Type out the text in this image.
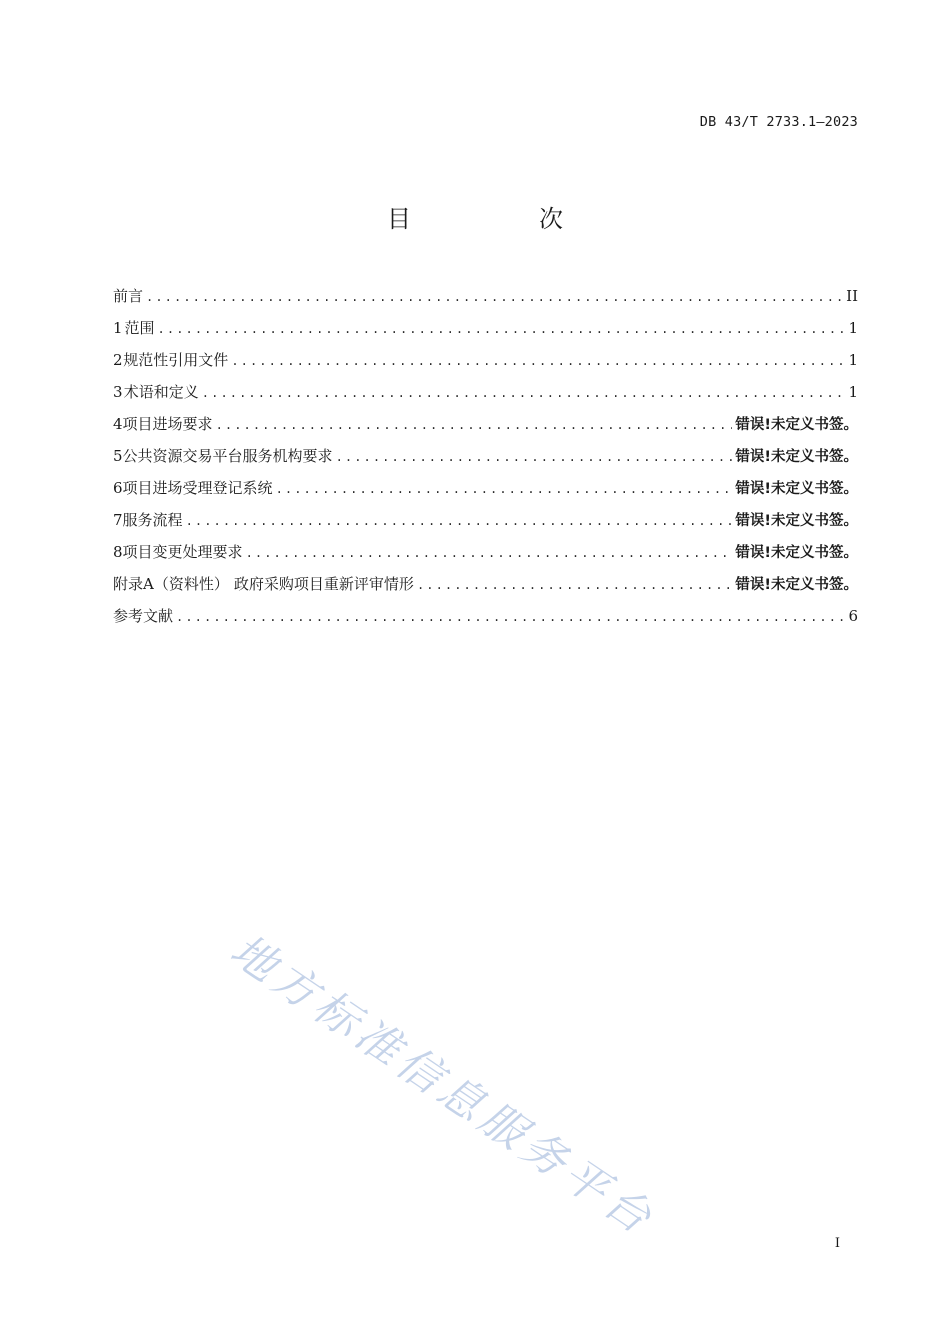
DB 43/T 2733.1—2023
目　次
前言 .....	II
1 范围 .....	1
2 规范性引用文件 .....	1
3 术语和定义 .....	1
4 项目进场要求 .....	错误!未定义书签。
5 公共资源交易平台服务机构要求 .....	错误!未定义书签。
6 项目进场受理登记系统 .....	错误!未定义书签。
7 服务流程 .....	错误!未定义书签。
8 项目变更处理要求 .....	错误!未定义书签。
附录A（资料性） 政府采购项目重新评审情形 .....	错误!未定义书签。
参考文献 .....	6
地方标准信息服务平台	I
